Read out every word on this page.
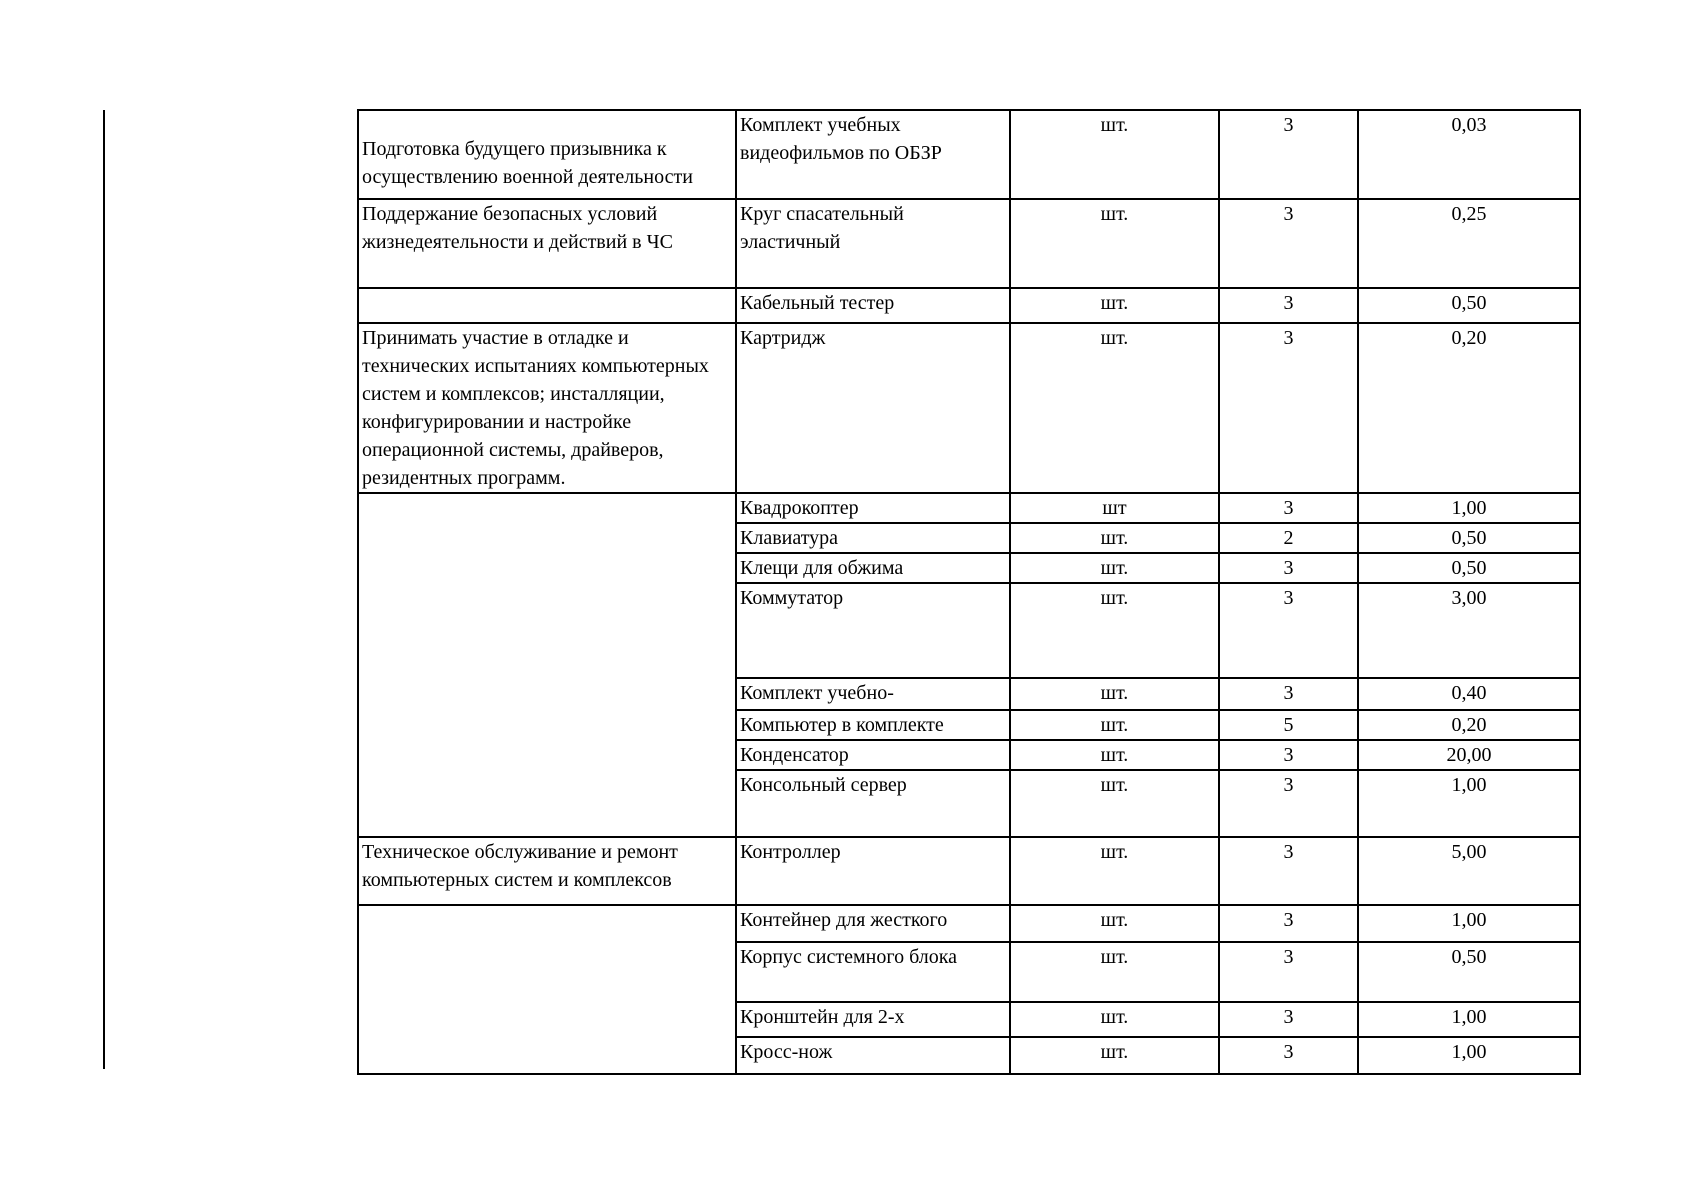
Подготовка будущего призывника к осуществлению военной деятельности	Комплект учебных видеофильмов по ОБЗР	шт.	3	0,03

Поддержание безопасных условий жизнедеятельности и действий в ЧС	Круг спасательный эластичный	шт.	3	0,25
	Кабельный тестер	шт.	3	0,50

Принимать участие в отладке и технических испытаниях компьютерных систем и комплексов; инсталляции, конфигурировании и настройке операционной системы, драйверов, резидентных программ.	Картридж	шт.	3	0,20
	Квадрокоптер	шт	3	1,00
	Клавиатура	шт.	2	0,50
	Клещи для обжима	шт.	3	0,50
	Коммутатор	шт.	3	3,00
	Комплект учебно-	шт.	3	0,40
	Компьютер в комплекте	шт.	5	0,20
	Конденсатор	шт.	3	20,00
	Консольный сервер	шт.	3	1,00

Техническое обслуживание и ремонт компьютерных систем и комплексов	Контроллер	шт.	3	5,00
	Контейнер для жесткого	шт.	3	1,00
	Корпус системного блока	шт.	3	0,50
	Кронштейн для 2-х	шт.	3	1,00
	Кросс-нож	шт.	3	1,00
